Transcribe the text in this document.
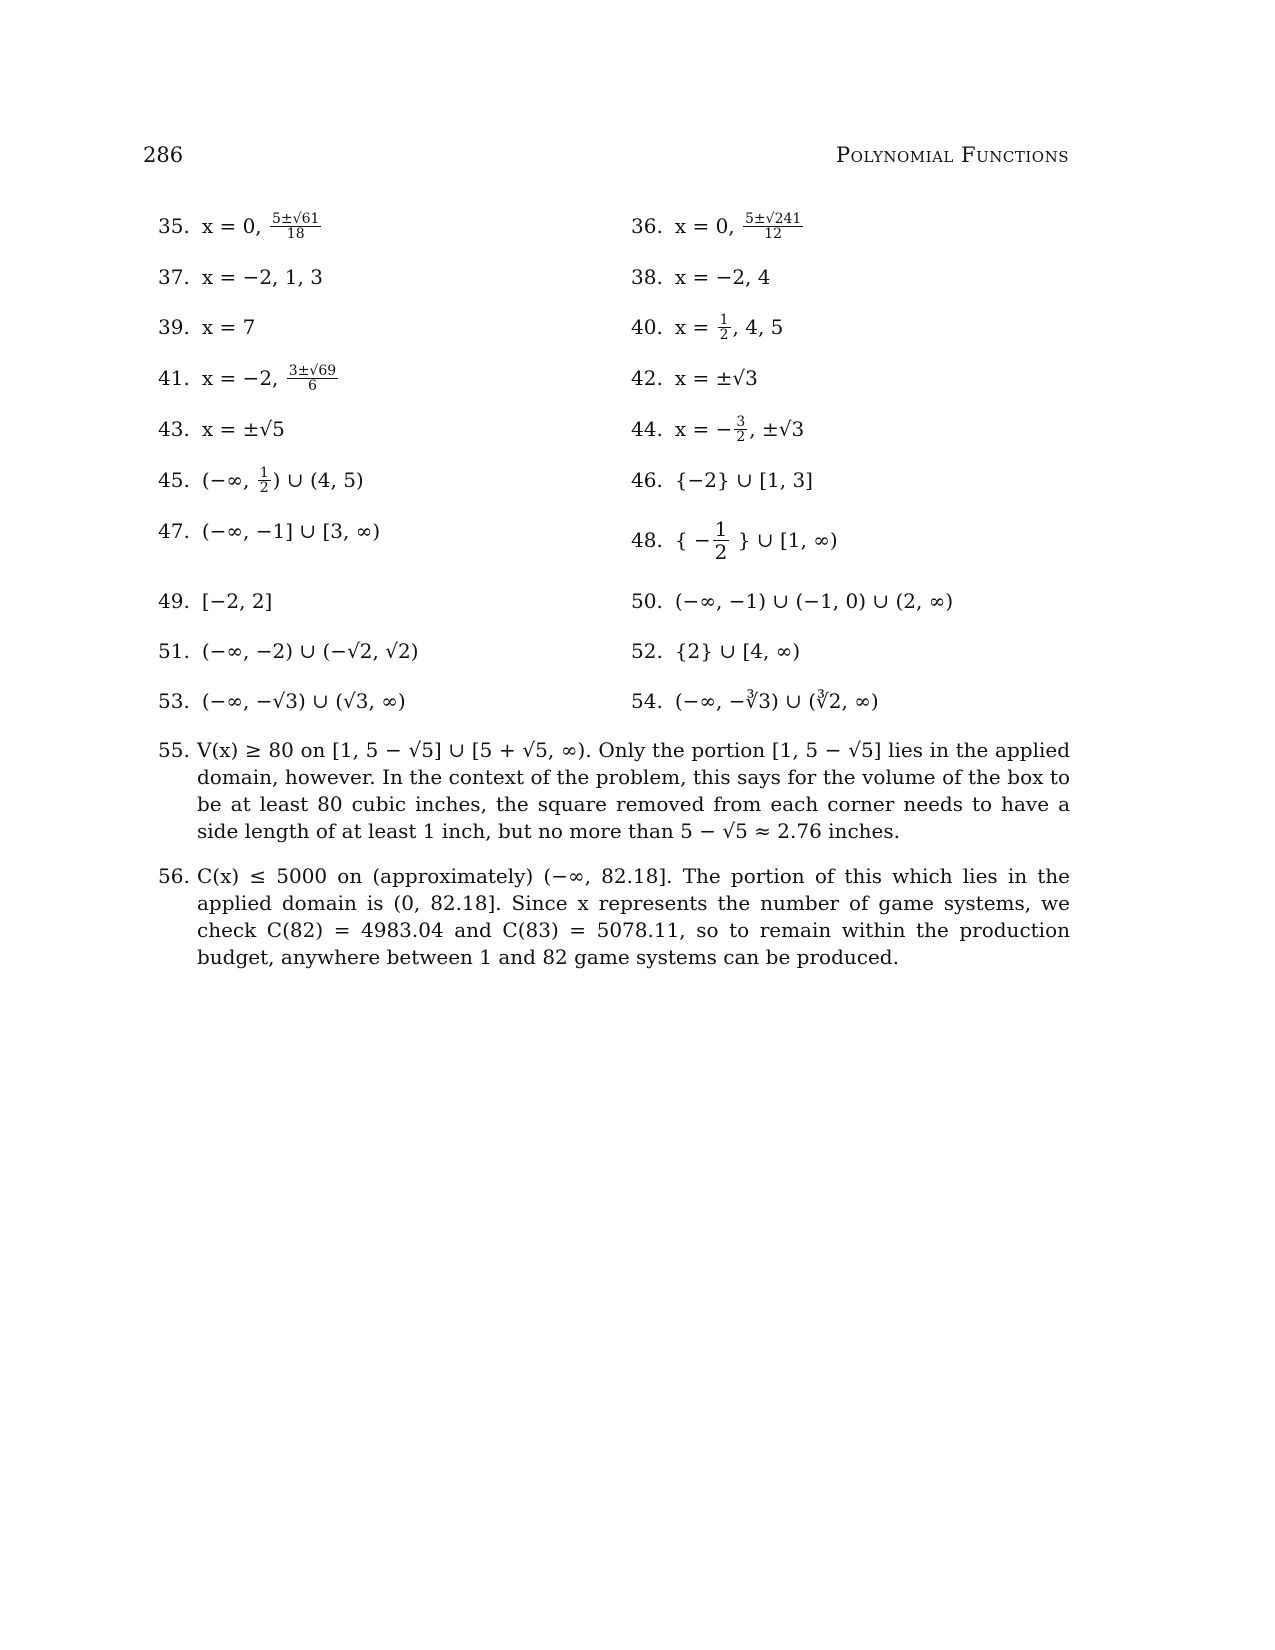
286	Polynomial Functions
35. x = 0, $\frac{5\pm√61}{18}$	36. x = 0, $\frac{5\pm√241}{12}$
37. x = −2, 1, 3	38. x = −2, 4
39. x = 7	40. $x = \frac{1}{2}$ , 4, 5
41. x = −2, $\frac{3\pm√69}{6}$	42. x = ±√3
43. x = ±√5	44. x = − $\frac{3}{2}$ , ±√3
45. (−∞, $\frac{1}{2}$ ) ∪ (4, 5)	46. {−2} ∪ [1, 3]
47. (−∞, −1] ∪ [3, ∞)	48. { − $\frac{1}{2}$ } ∪ [1, ∞)
49. [−2, 2]	50. (−∞, −1) ∪ (−1, 0) ∪ (2, ∞)
51. (−∞, −2) ∪ (−√2, √2)	52. {2} ∪ [4, ∞)
53. (−∞, −√3) ∪ (√3, ∞)	54. (−∞, −∛3) ∪ (∛2, ∞)
55. V(x) ≥ 80 on [1, 5 − √5] ∪ [5 + √5, ∞). Only the portion [1, 5 − √5] lies in the applied domain, however. In the context of the problem, this says for the volume of the box to be at least 80 cubic inches, the square removed from each corner needs to have a side length of at least 1 inch, but no more than 5 − √5 ≈ 2.76 inches.
56. C(x) ≤ 5000 on (approximately) (−∞, 82.18]. The portion of this which lies in the applied domain is (0, 82.18]. Since x represents the number of game systems, we check C(82) = 4983.04 and C(83) = 5078.11, so to remain within the production budget, anywhere between 1 and 82 game systems can be produced.
